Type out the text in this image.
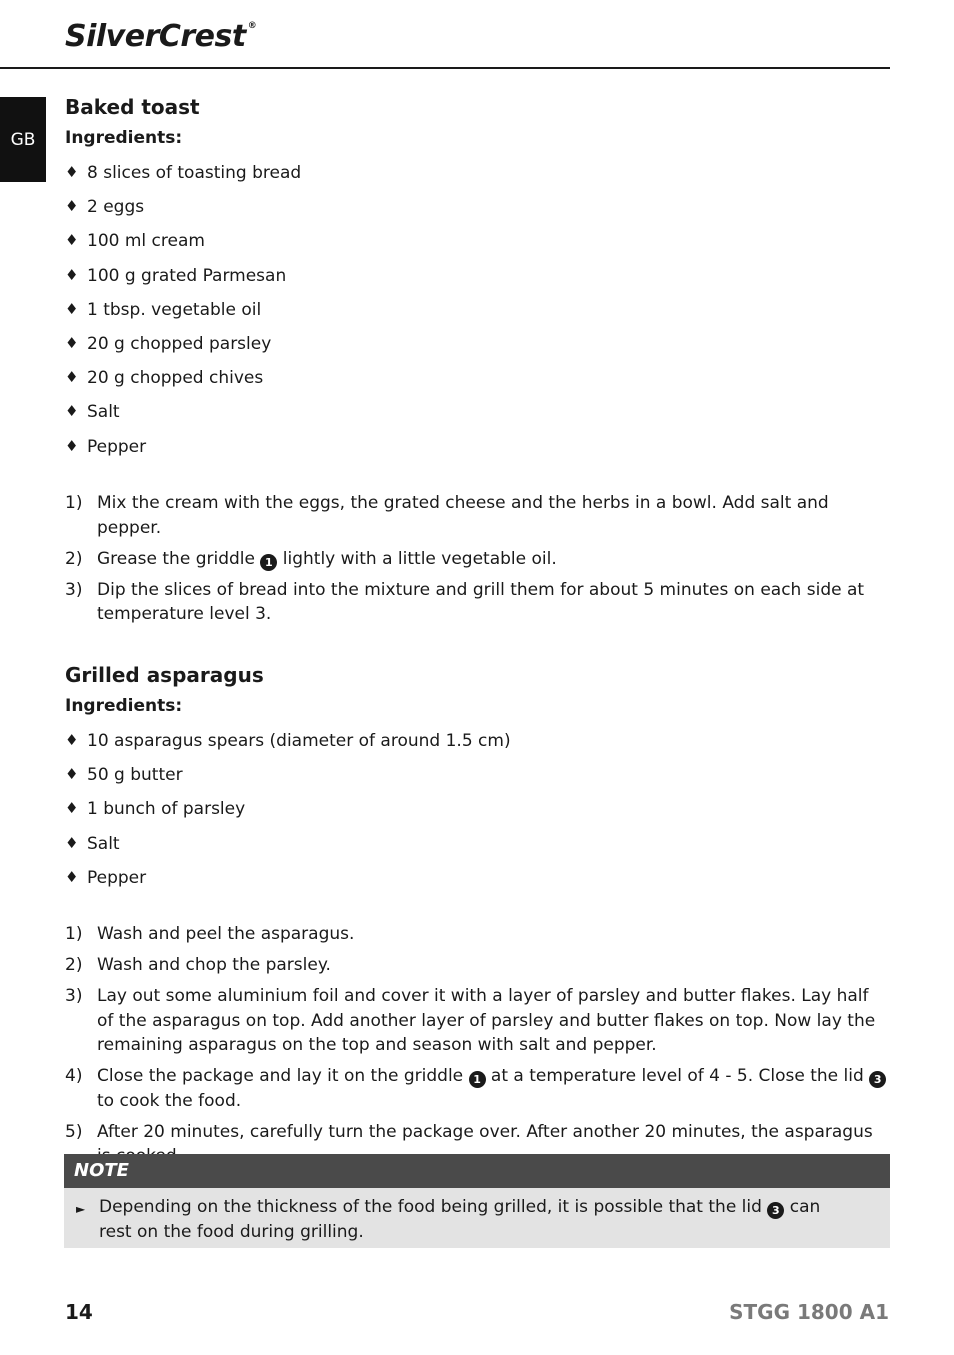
SilverCrest ®
GB
Baked toast
Ingredients:
♦ 8 slices of toasting bread
♦ 2 eggs
♦ 100 ml cream
♦ 100 g grated Parmesan
♦ 1 tbsp. vegetable oil
♦ 20 g chopped parsley
♦ 20 g chopped chives
♦ Salt
♦ Pepper
1) Mix the cream with the eggs, the grated cheese and the herbs in a bowl. Add salt and pepper.
2) Grease the griddle 1 lightly with a little vegetable oil.
3) Dip the slices of bread into the mixture and grill them for about 5 minutes on each side at temperature level 3.
Grilled asparagus
Ingredients:
♦ 10 asparagus spears (diameter of around 1.5 cm)
♦ 50 g butter
♦ 1 bunch of parsley
♦ Salt
♦ Pepper
1) Wash and peel the asparagus.
2) Wash and chop the parsley.
3) Lay out some aluminium foil and cover it with a layer of parsley and butter flakes. Lay half of the asparagus on top. Add another layer of parsley and butter flakes on top. Now lay the remaining asparagus on the top and season with salt and pepper.
4) Close the package and lay it on the griddle 1 at a temperature level of 4 - 5. Close the lid 3 to cook the food.
5) After 20 minutes, carefully turn the package over. After another 20 minutes, the asparagus
NOTE
► Depending on the thickness of the food being grilled, it is possible that the lid 3 can rest on the food during grilling.
14	STGG 1800 A1
